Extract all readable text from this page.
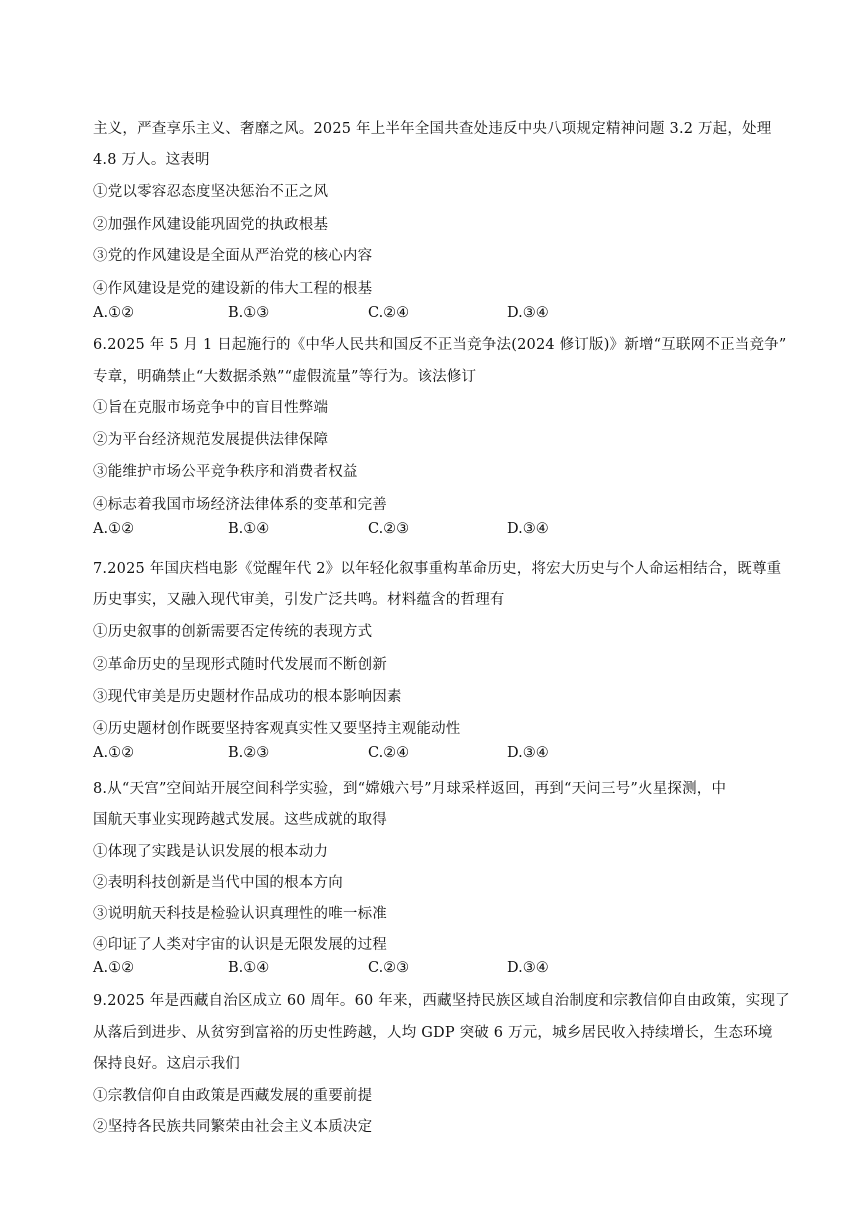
主义，严查享乐主义、奢靡之风。2025 年上半年全国共查处违反中央八项规定精神问题 3.2 万起，处理
4.8 万人。这表明
①党以零容忍态度坚决惩治不正之风
②加强作风建设能巩固党的执政根基
③党的作风建设是全面从严治党的核心内容
④作风建设是党的建设新的伟大工程的根基
A.①②	B.①③	C.②④	D.③④
6.2025 年 5 月 1 日起施行的《中华人民共和国反不正当竞争法(2024 修订版)》新增“互联网不正当竞争”
专章，明确禁止“大数据杀熟”“虚假流量”等行为。该法修订
①旨在克服市场竞争中的盲目性弊端
②为平台经济规范发展提供法律保障
③能维护市场公平竞争秩序和消费者权益
④标志着我国市场经济法律体系的变革和完善
A.①②	B.①④	C.②③	D.③④
7.2025 年国庆档电影《觉醒年代 2》以年轻化叙事重构革命历史，将宏大历史与个人命运相结合，既尊重
历史事实，又融入现代审美，引发广泛共鸣。材料蕴含的哲理有
①历史叙事的创新需要否定传统的表现方式
②革命历史的呈现形式随时代发展而不断创新
③现代审美是历史题材作品成功的根本影响因素
④历史题材创作既要坚持客观真实性又要坚持主观能动性
A.①②	B.②③	C.②④	D.③④
8.从“天宫”空间站开展空间科学实验，到“嫦娥六号”月球采样返回，再到“天问三号”火星探测，中
国航天事业实现跨越式发展。这些成就的取得
①体现了实践是认识发展的根本动力
②表明科技创新是当代中国的根本方向
③说明航天科技是检验认识真理性的唯一标准
④印证了人类对宇宙的认识是无限发展的过程
A.①②	B.①④	C.②③	D.③④
9.2025 年是西藏自治区成立 60 周年。60 年来，西藏坚持民族区域自治制度和宗教信仰自由政策，实现了
从落后到进步、从贫穷到富裕的历史性跨越，人均 GDP 突破 6 万元，城乡居民收入持续增长，生态环境
保持良好。这启示我们
①宗教信仰自由政策是西藏发展的重要前提
②坚持各民族共同繁荣由社会主义本质决定
